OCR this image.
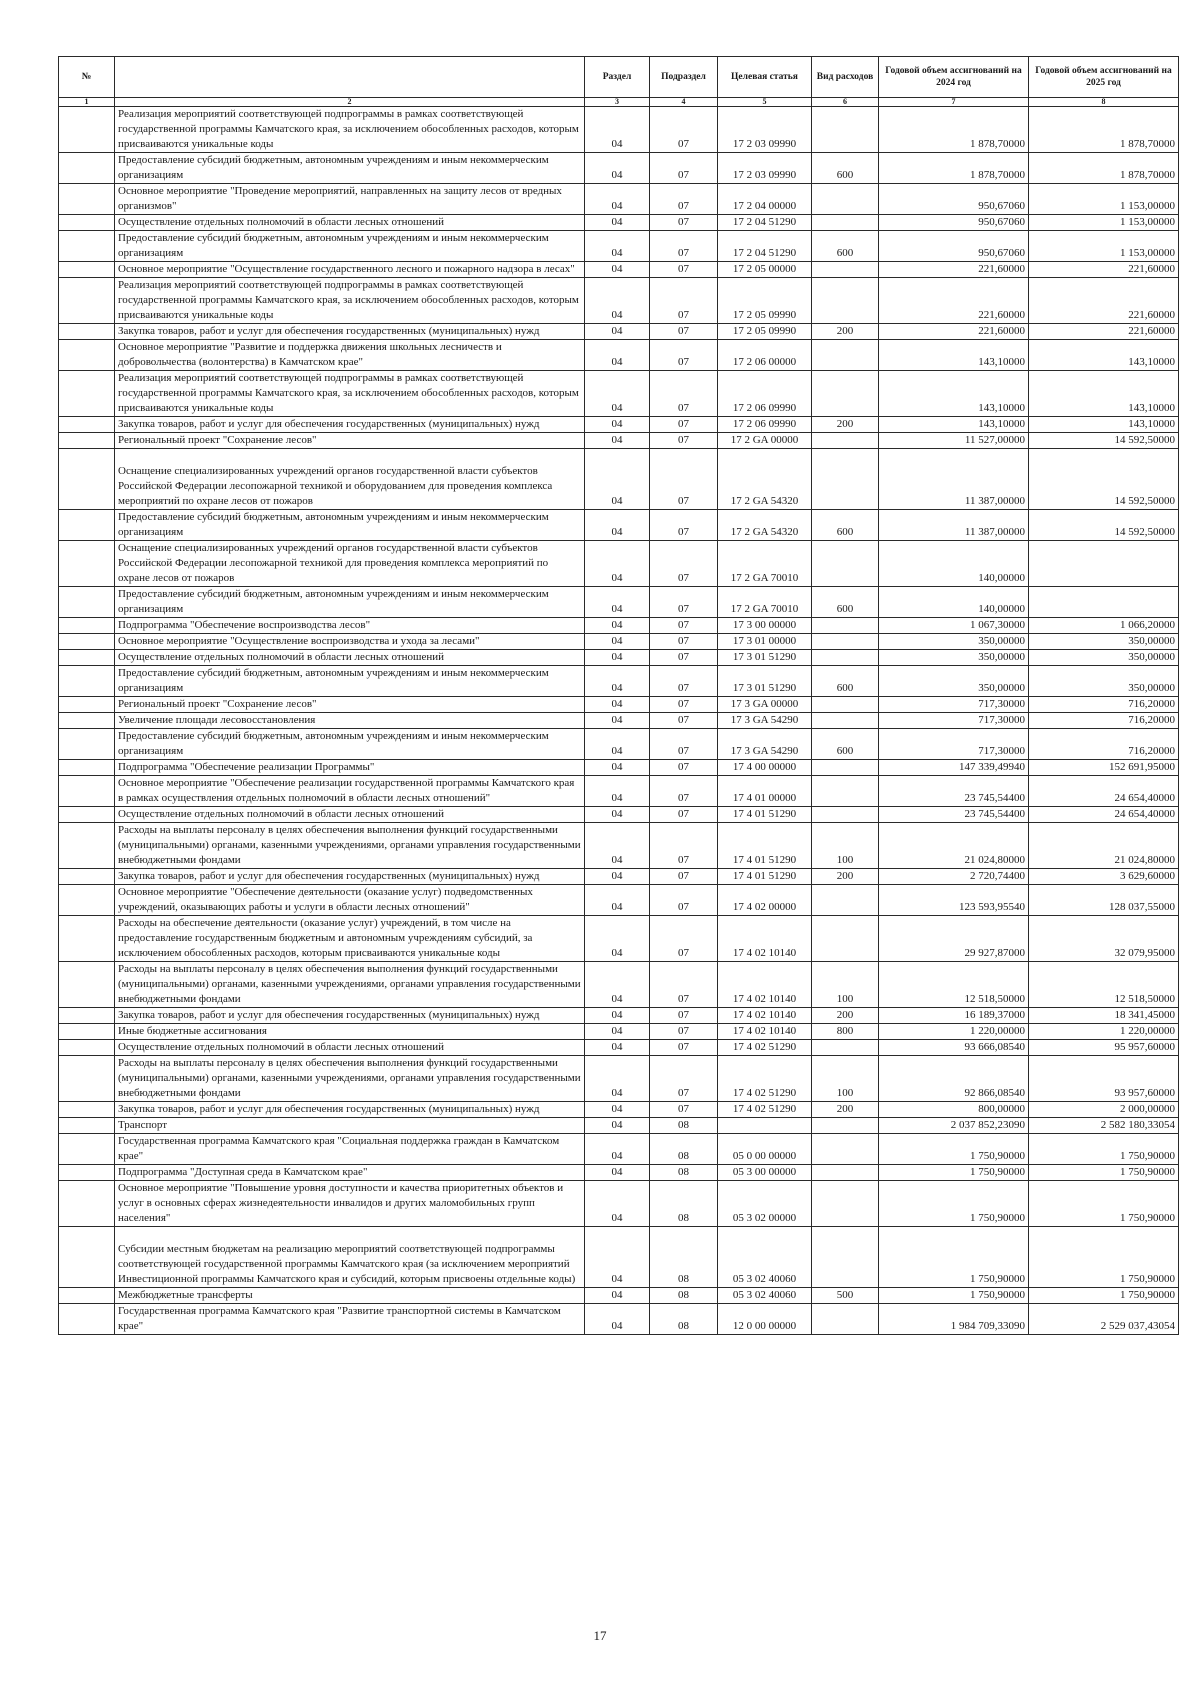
№		Раздел	Подраздел	Целевая статья	Вид расходов	Годовой объем ассигнований на 2024 год	Годовой объем ассигнований на 2025 год
1	2	3	4	5	6	7	8
	Реализация мероприятий соответствующей подпрограммы в рамках соответствующей государственной программы Камчатского края, за исключением обособленных расходов, которым присваиваются уникальные коды	04	07	17 2 03 09990		1 878,70000	1 878,70000
	Предоставление субсидий бюджетным, автономным учреждениям и иным некоммерческим организациям	04	07	17 2 03 09990	600	1 878,70000	1 878,70000
	Основное мероприятие "Проведение мероприятий, направленных на защиту лесов от вредных организмов"	04	07	17 2 04 00000		950,67060	1 153,00000
	Осуществление отдельных полномочий в области лесных отношений	04	07	17 2 04 51290		950,67060	1 153,00000
	Предоставление субсидий бюджетным, автономным учреждениям и иным некоммерческим организациям	04	07	17 2 04 51290	600	950,67060	1 153,00000
	Основное мероприятие "Осуществление государственного лесного и пожарного надзора в лесах"	04	07	17 2 05 00000		221,60000	221,60000
	Реализация мероприятий соответствующей подпрограммы в рамках соответствующей государственной программы Камчатского края, за исключением обособленных расходов, которым присваиваются уникальные коды	04	07	17 2 05 09990		221,60000	221,60000
	Закупка товаров, работ и услуг для обеспечения государственных (муниципальных) нужд	04	07	17 2 05 09990	200	221,60000	221,60000
	Основное мероприятие "Развитие и поддержка движения школьных лесничеств и добровольчества (волонтерства) в Камчатском крае"	04	07	17 2 06 00000		143,10000	143,10000
	Реализация мероприятий соответствующей подпрограммы в рамках соответствующей государственной программы Камчатского края, за исключением обособленных расходов, которым присваиваются уникальные коды	04	07	17 2 06 09990		143,10000	143,10000
	Закупка товаров, работ и услуг для обеспечения государственных (муниципальных) нужд	04	07	17 2 06 09990	200	143,10000	143,10000
	Региональный проект "Сохранение лесов"	04	07	17 2 GA 00000		11 527,00000	14 592,50000
	Оснащение специализированных учреждений органов государственной власти субъектов Российской Федерации лесопожарной техникой и оборудованием для проведения комплекса мероприятий по охране лесов от пожаров	04	07	17 2 GA 54320		11 387,00000	14 592,50000
	Предоставление субсидий бюджетным, автономным учреждениям и иным некоммерческим организациям	04	07	17 2 GA 54320	600	11 387,00000	14 592,50000
	Оснащение специализированных учреждений органов государственной власти субъектов Российской Федерации лесопожарной техникой для проведения комплекса мероприятий по охране лесов от пожаров	04	07	17 2 GA 70010		140,00000	
	Предоставление субсидий бюджетным, автономным учреждениям и иным некоммерческим организациям	04	07	17 2 GA 70010	600	140,00000	
	Подпрограмма "Обеспечение воспроизводства лесов"	04	07	17 3 00 00000		1 067,30000	1 066,20000
	Основное мероприятие "Осуществление воспроизводства и ухода за лесами"	04	07	17 3 01 00000		350,00000	350,00000
	Осуществление отдельных полномочий в области лесных отношений	04	07	17 3 01 51290		350,00000	350,00000
	Предоставление субсидий бюджетным, автономным учреждениям и иным некоммерческим организациям	04	07	17 3 01 51290	600	350,00000	350,00000
	Региональный проект "Сохранение лесов"	04	07	17 3 GA 00000		717,30000	716,20000
	Увеличение площади лесовосстановления	04	07	17 3 GA 54290		717,30000	716,20000
	Предоставление субсидий бюджетным, автономным учреждениям и иным некоммерческим организациям	04	07	17 3 GA 54290	600	717,30000	716,20000
	Подпрограмма "Обеспечение реализации Программы"	04	07	17 4 00 00000		147 339,49940	152 691,95000
	Основное мероприятие "Обеспечение реализации государственной программы Камчатского края в рамках осуществления отдельных полномочий в области лесных отношений"	04	07	17 4 01 00000		23 745,54400	24 654,40000
	Осуществление отдельных полномочий в области лесных отношений	04	07	17 4 01 51290		23 745,54400	24 654,40000
	Расходы на выплаты персоналу в целях обеспечения выполнения функций государственными (муниципальными) органами, казенными учреждениями, органами управления государственными внебюджетными фондами	04	07	17 4 01 51290	100	21 024,80000	21 024,80000
	Закупка товаров, работ и услуг для обеспечения государственных (муниципальных) нужд	04	07	17 4 01 51290	200	2 720,74400	3 629,60000
	Основное мероприятие "Обеспечение деятельности (оказание услуг) подведомственных учреждений, оказывающих работы и услуги в области лесных отношений"	04	07	17 4 02 00000		123 593,95540	128 037,55000
	Расходы на обеспечение деятельности (оказание услуг) учреждений, в том числе на предоставление государственным бюджетным и автономным учреждениям субсидий, за исключением обособленных расходов, которым присваиваются уникальные коды	04	07	17 4 02 10140		29 927,87000	32 079,95000
	Расходы на выплаты персоналу в целях обеспечения выполнения функций государственными (муниципальными) органами, казенными учреждениями, органами управления государственными внебюджетными фондами	04	07	17 4 02 10140	100	12 518,50000	12 518,50000
	Закупка товаров, работ и услуг для обеспечения государственных (муниципальных) нужд	04	07	17 4 02 10140	200	16 189,37000	18 341,45000
	Иные бюджетные ассигнования	04	07	17 4 02 10140	800	1 220,00000	1 220,00000
	Осуществление отдельных полномочий в области лесных отношений	04	07	17 4 02 51290		93 666,08540	95 957,60000
	Расходы на выплаты персоналу в целях обеспечения выполнения функций государственными (муниципальными) органами, казенными учреждениями, органами управления государственными внебюджетными фондами	04	07	17 4 02 51290	100	92 866,08540	93 957,60000
	Закупка товаров, работ и услуг для обеспечения государственных (муниципальных) нужд	04	07	17 4 02 51290	200	800,00000	2 000,00000
	Транспорт	04	08			2 037 852,23090	2 582 180,33054
	Государственная программа Камчатского края "Социальная поддержка граждан в Камчатском крае"	04	08	05 0 00 00000		1 750,90000	1 750,90000
	Подпрограмма "Доступная среда в Камчатском крае"	04	08	05 3 00 00000		1 750,90000	1 750,90000
	Основное мероприятие "Повышение уровня доступности и качества приоритетных объектов и услуг в основных сферах жизнедеятельности инвалидов и других маломобильных групп населения"	04	08	05 3 02 00000		1 750,90000	1 750,90000
	Субсидии местным бюджетам на реализацию мероприятий соответствующей подпрограммы соответствующей государственной программы Камчатского края (за исключением мероприятий Инвестиционной программы Камчатского края и субсидий, которым присвоены отдельные коды)	04	08	05 3 02 40060		1 750,90000	1 750,90000
	Межбюджетные трансферты	04	08	05 3 02 40060	500	1 750,90000	1 750,90000
	Государственная программа Камчатского края "Развитие транспортной системы в Камчатском крае"	04	08	12 0 00 00000		1 984 709,33090	2 529 037,43054
17
